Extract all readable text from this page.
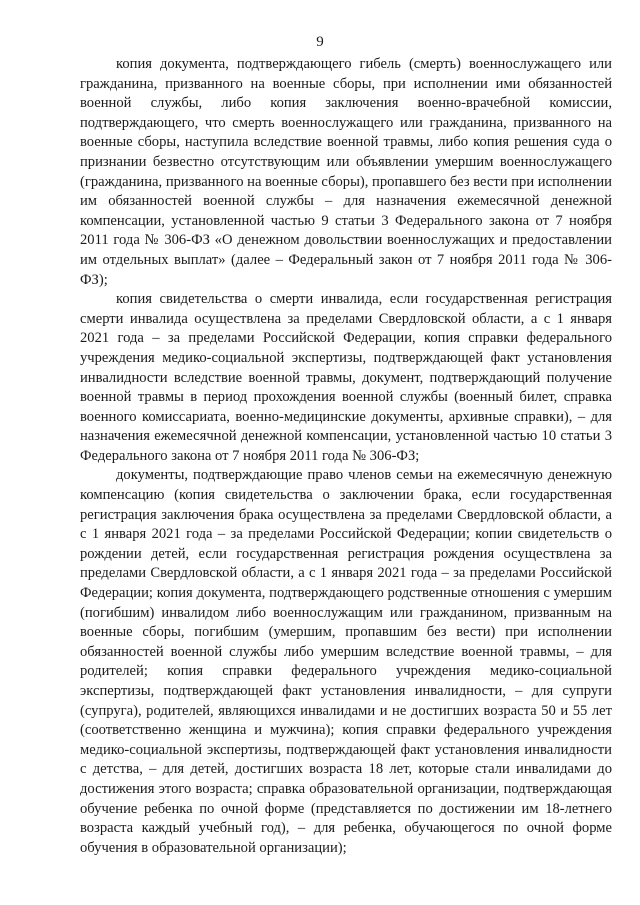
9

копия документа, подтверждающего гибель (смерть) военнослужащего или гражданина, призванного на военные сборы, при исполнении ими обязанностей военной службы, либо копия заключения военно-врачебной комиссии, подтверждающего, что смерть военнослужащего или гражданина, призванного на военные сборы, наступила вследствие военной травмы, либо копия решения суда о признании безвестно отсутствующим или объявлении умершим военнослужащего (гражданина, призванного на военные сборы), пропавшего без вести при исполнении им обязанностей военной службы – для назначения ежемесячной денежной компенсации, установленной частью 9 статьи 3 Федерального закона от 7 ноября 2011 года № 306-ФЗ «О денежном довольствии военнослужащих и предоставлении им отдельных выплат» (далее – Федеральный закон от 7 ноября 2011 года № 306-ФЗ);

копия свидетельства о смерти инвалида, если государственная регистрация смерти инвалида осуществлена за пределами Свердловской области, а с 1 января 2021 года – за пределами Российской Федерации, копия справки федерального учреждения медико-социальной экспертизы, подтверждающей факт установления инвалидности вследствие военной травмы, документ, подтверждающий получение военной травмы в период прохождения военной службы (военный билет, справка военного комиссариата, военно-медицинские документы, архивные справки), – для назначения ежемесячной денежной компенсации, установленной частью 10 статьи 3 Федерального закона от 7 ноября 2011 года № 306-ФЗ;

документы, подтверждающие право членов семьи на ежемесячную денежную компенсацию (копия свидетельства о заключении брака, если государственная регистрация заключения брака осуществлена за пределами Свердловской области, а с 1 января 2021 года – за пределами Российской Федерации; копии свидетельств о рождении детей, если государственная регистрация рождения осуществлена за пределами Свердловской области, а с 1 января 2021 года – за пределами Российской Федерации; копия документа, подтверждающего родственные отношения с умершим (погибшим) инвалидом либо военнослужащим или гражданином, призванным на военные сборы, погибшим (умершим, пропавшим без вести) при исполнении обязанностей военной службы либо умершим вследствие военной травмы, – для родителей; копия справки федерального учреждения медико-социальной экспертизы, подтверждающей факт установления инвалидности, – для супруги (супруга), родителей, являющихся инвалидами и не достигших возраста 50 и 55 лет (соответственно женщина и мужчина); копия справки федерального учреждения медико-социальной экспертизы, подтверждающей факт установления инвалидности с детства, – для детей, достигших возраста 18 лет, которые стали инвалидами до достижения этого возраста; справка образовательной организации, подтверждающая обучение ребенка по очной форме (представляется по достижении им 18-летнего возраста каждый учебный год), – для ребенка, обучающегося по очной форме обучения в образовательной организации);
